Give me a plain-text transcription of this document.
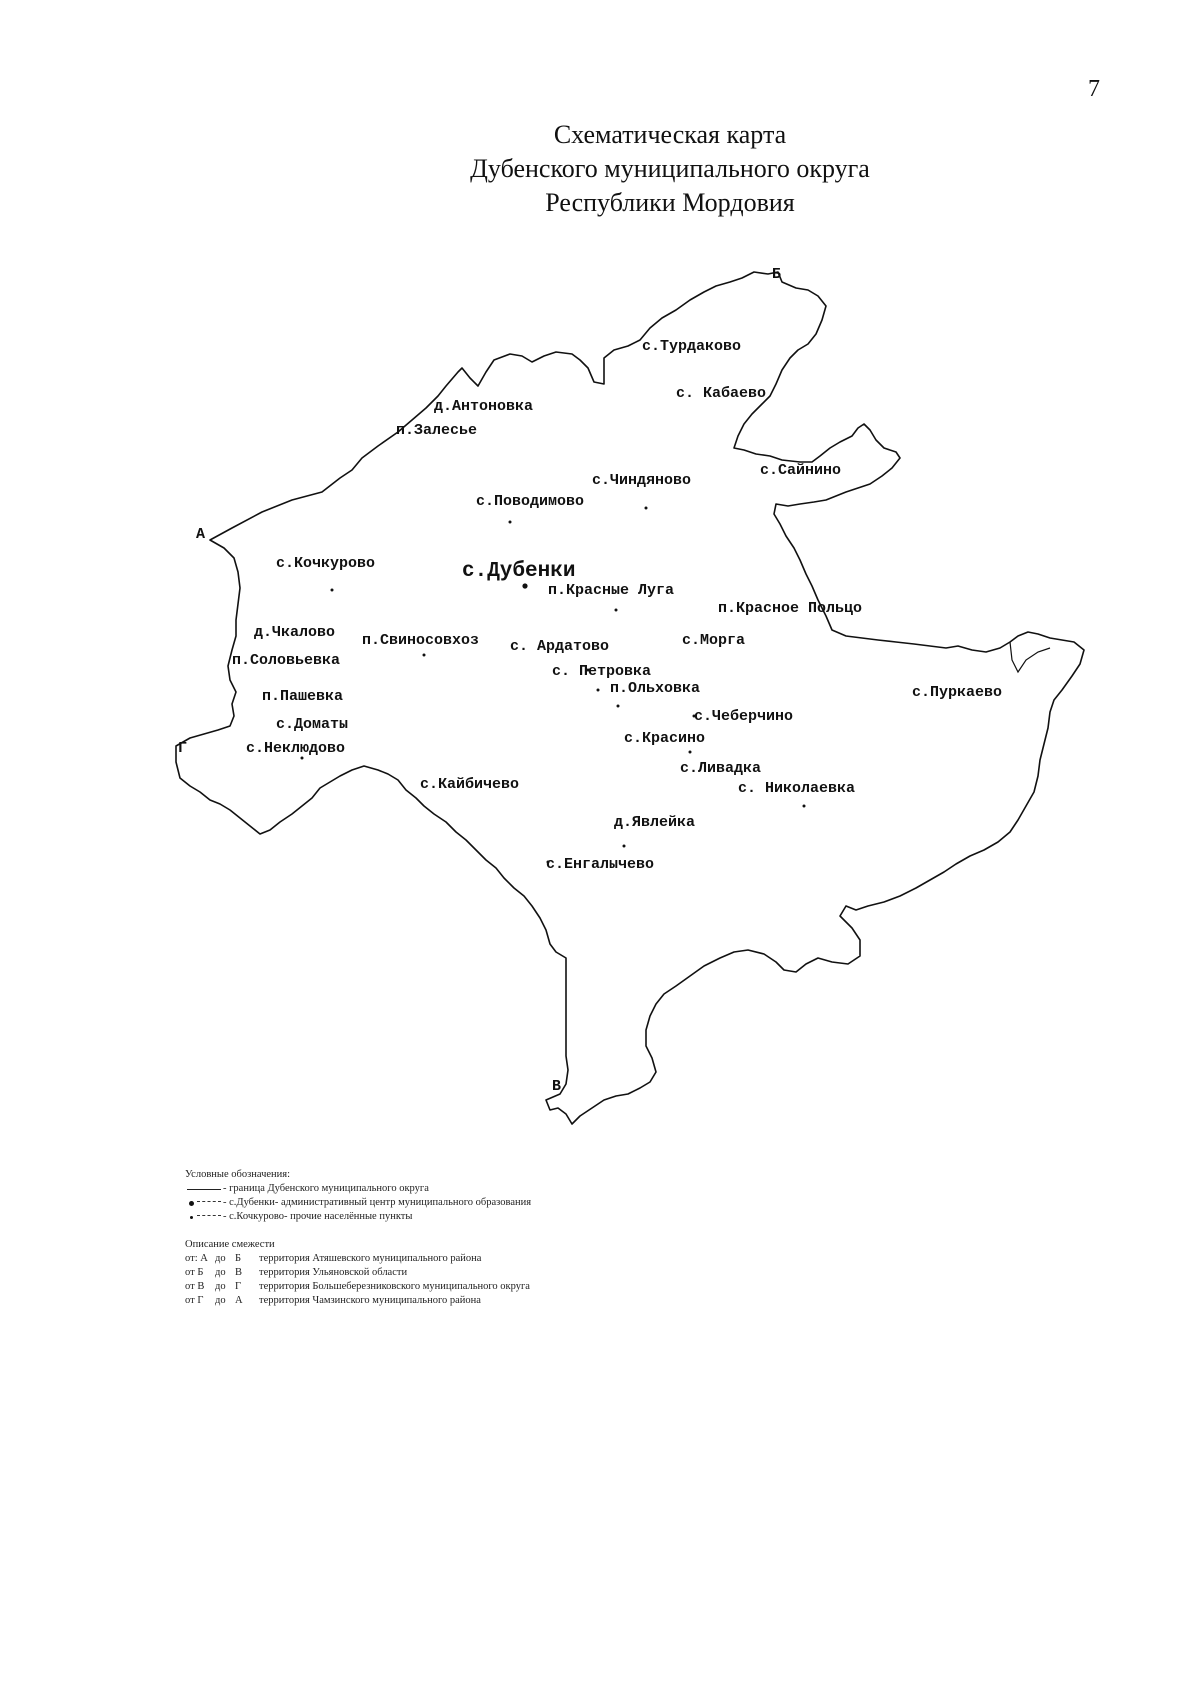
7
Схематическая карта
Дубенского муниципального округа
Республики Мордовия
Б
А
Г
В
с.Турдаково
с. Кабаево
д.Антоновка
п.Залесье
с.Чиндяново
с.Сайнино
с.Поводимово
с.Кочкурово	с.Дубенки
п.Красные Луга
п.Красное Польцо
д.Чкалово п.Свиносовхоз с. Ардатово	с.Морга
п.Соловьевка
с. Петровка
п.Ольховка	с.Пуркаево
п.Пашевка
с.Доматы	с.Чеберчино
с.Неклюдово
с.Красино
с.Ливадка
с.Кайбичево	с. Николаевка
д.Явлейка
с.Енгалычево
Условные обозначения:
- граница Дубенского муниципального округа
- с.Дубенки- административный центр муниципального образования
- с.Кочкурово- прочие населённые пункты
Описание смежести
от: А до Б	территория Атяшевского муниципального района
от Б	до В	территория Ульяновской области
от В	до Г	территория Большеберезниковского муниципального округа
от Г	до А	территория Чамзинского муниципального района
